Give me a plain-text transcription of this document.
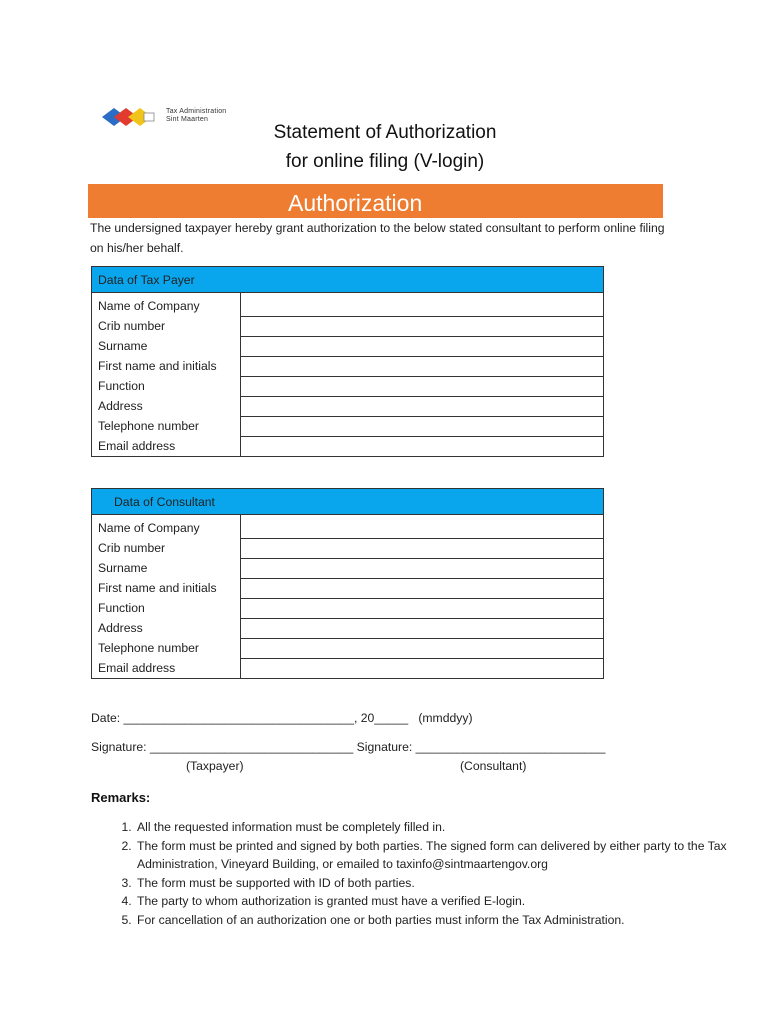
Tax Administration
Sint Maarten
Statement of Authorization
for online filing (V-login)
Authorization
The undersigned taxpayer hereby grant authorization to the below stated consultant to perform online filing on his/her behalf.
Data of Tax Payer	
Name of Company	
Crib number	
Surname	
First name and initials	
Function	
Address	
Telephone number	
Email address	
Data of Consultant	
Name of Company	
Crib number	
Surname	
First name and initials	
Function	
Address	
Telephone number	
Email address	
Date: __________________________________, 20_____   (mmddyy)
Signature: ______________________________ Signature: ____________________________
(Taxpayer)	(Consultant)
Remarks:
1. All the requested information must be completely filled in.
2. The form must be printed and signed by both parties. The signed form can delivered by either party to the Tax Administration, Vineyard Building, or emailed to taxinfo@sintmaartengov.org
3. The form must be supported with ID of both parties.
4. The party to whom authorization is granted must have a verified E-login.
5. For cancellation of an authorization one or both parties must inform the Tax Administration.
